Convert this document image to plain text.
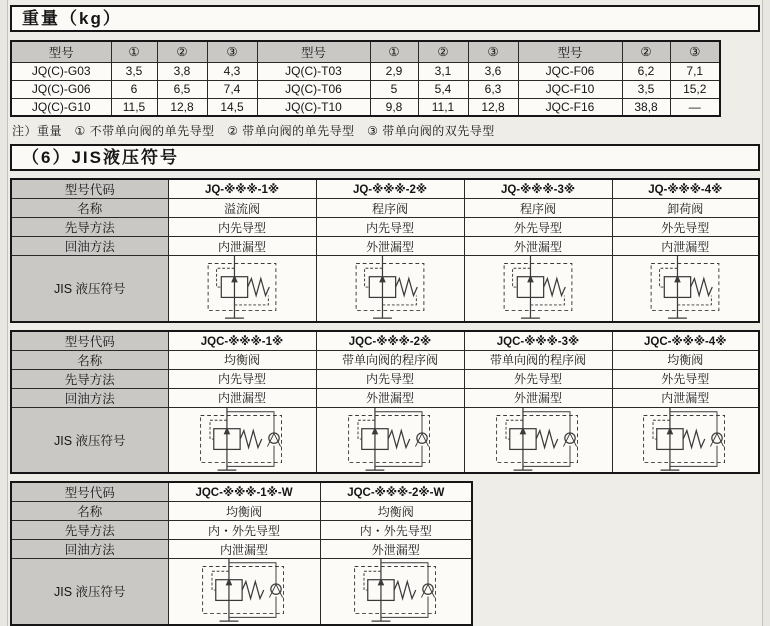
重量（kg）
型号	①	②	③	型号	①	②	③	型号	②	③
JQ(C)-G03	3,5	3,8	4,3	JQ(C)-T03	2,9	3,1	3,6	JQC-F06	6,2	7,1
JQ(C)-G06	6	6,5	7,4	JQ(C)-T06	5	5,4	6,3	JQC-F10	3,5	15,2
JQ(C)-G10	11,5	12,8	14,5	JQ(C)-T10	9,8	11,1	12,8	JQC-F16	38,8	—
注）重量　① 不带单向阀的单先导型　② 带单向阀的单先导型　③ 带单向阀的双先导型
（6）JIS液压符号
型号代码	JQ-※※※-1※	JQ-※※※-2※	JQ-※※※-3※	JQ-※※※-4※
名称	溢流阀	程序阀	程序阀	卸荷阀
先导方法	内先导型	内先导型	外先导型	外先导型
回油方法	内泄漏型	外泄漏型	外泄漏型	内泄漏型
JIS 液压符号	

型号代码	JQC-※※※-1※	JQC-※※※-2※	JQC-※※※-3※	JQC-※※※-4※
名称	均衡阀	带单向阀的程序阀	带单向阀的程序阀	均衡阀
先导方法	内先导型	内先导型	外先导型	外先导型
回油方法	内泄漏型	外泄漏型	外泄漏型	内泄漏型
JIS 液压符号	

型号代码	JQC-※※※-1※-W	JQC-※※※-2※-W
名称	均衡阀	均衡阀
先导方法	内・外先导型	内・外先导型
回油方法	内泄漏型	外泄漏型
JIS 液压符号	
